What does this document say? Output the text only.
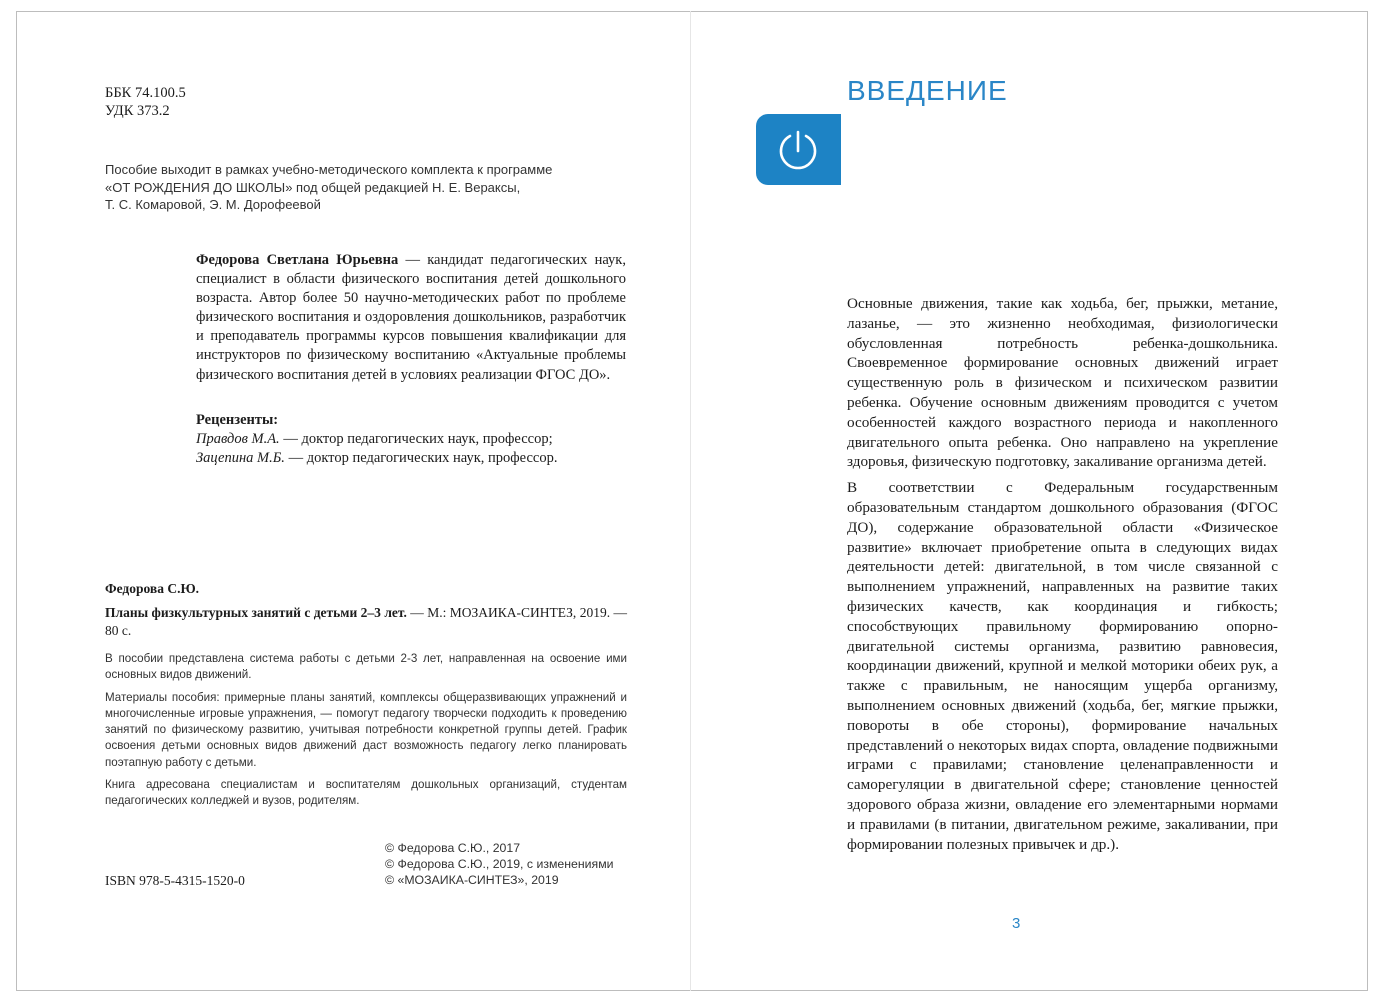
ББК 74.100.5
УДК 373.2
Пособие выходит в рамках учебно-методического комплекта к программе
«ОТ РОЖДЕНИЯ ДО ШКОЛЫ» под общей редакцией Н. Е. Вераксы,
Т. С. Комаровой, Э. М. Дорофеевой
Федорова Светлана Юрьевна — кандидат педагогических наук, специалист в области физического воспитания детей дошкольного возраста. Автор более 50 научно-методических работ по проблеме физического воспитания и оздоровления дошкольников, разработчик и преподаватель программы курсов повышения квалификации для инструкторов по физическому воспитанию «Актуальные проблемы физического воспитания детей в условиях реализации ФГОС ДО».
Рецензенты:
Правдов М.А. — доктор педагогических наук, профессор;
Зацепина М.Б. — доктор педагогических наук, профессор.
Федорова С.Ю.
Планы физкультурных занятий с детьми 2–3 лет. — М.: МОЗАИКА-СИНТЕЗ, 2019. — 80 с.
В пособии представлена система работы с детьми 2-3 лет, направленная на освоение ими основных видов движений.
Материалы пособия: примерные планы занятий, комплексы общеразвивающих упражнений и многочисленные игровые упражнения, — помогут педагогу творчески подходить к проведению занятий по физическому развитию, учитывая потребности конкретной группы детей. График освоения детьми основных видов движений даст возможность педагогу легко планировать поэтапную работу с детьми.
Книга адресована специалистам и воспитателям дошкольных организаций, студентам педагогических колледжей и вузов, родителям.
© Федорова С.Ю., 2017
© Федорова С.Ю., 2019, с изменениями
© «МОЗАИКА-СИНТЕЗ», 2019
ISBN 978-5-4315-1520-0
ВВЕДЕНИЕ

Основные движения, такие как ходьба, бег, прыжки, метание, лазанье, — это жизненно необходимая, физиологически обусловленная потребность ребенка-дошкольника. Своевременное формирование основных движений играет существенную роль в физическом и психическом развитии ребенка. Обучение основным движениям проводится с учетом особенностей каждого возрастного периода и накопленного двигательного опыта ребенка. Оно направлено на укрепление здоровья, физическую подготовку, закаливание организма детей.

В соответствии с Федеральным государственным образовательным стандартом дошкольного образования (ФГОС ДО), содержание образовательной области «Физическое развитие» включает приобретение опыта в следующих видах деятельности детей: двигательной, в том числе связанной с выполнением упражнений, направленных на развитие таких физических качеств, как координация и гибкость; способствующих правильному формированию опорно-двигательной системы организма, развитию равновесия, координации движений, крупной и мелкой моторики обеих рук, а также с правильным, не наносящим ущерба организму, выполнением основных движений (ходьба, бег, мягкие прыжки, повороты в обе стороны), формирование начальных представлений о некоторых видах спорта, овладение подвижными играми с правилами; становление целенаправленности и саморегуляции в двигательной сфере; становление ценностей здорового образа жизни, овладение его элементарными нормами и правилами (в питании, двигательном режиме, закаливании, при формировании полезных привычек и др.).

3
